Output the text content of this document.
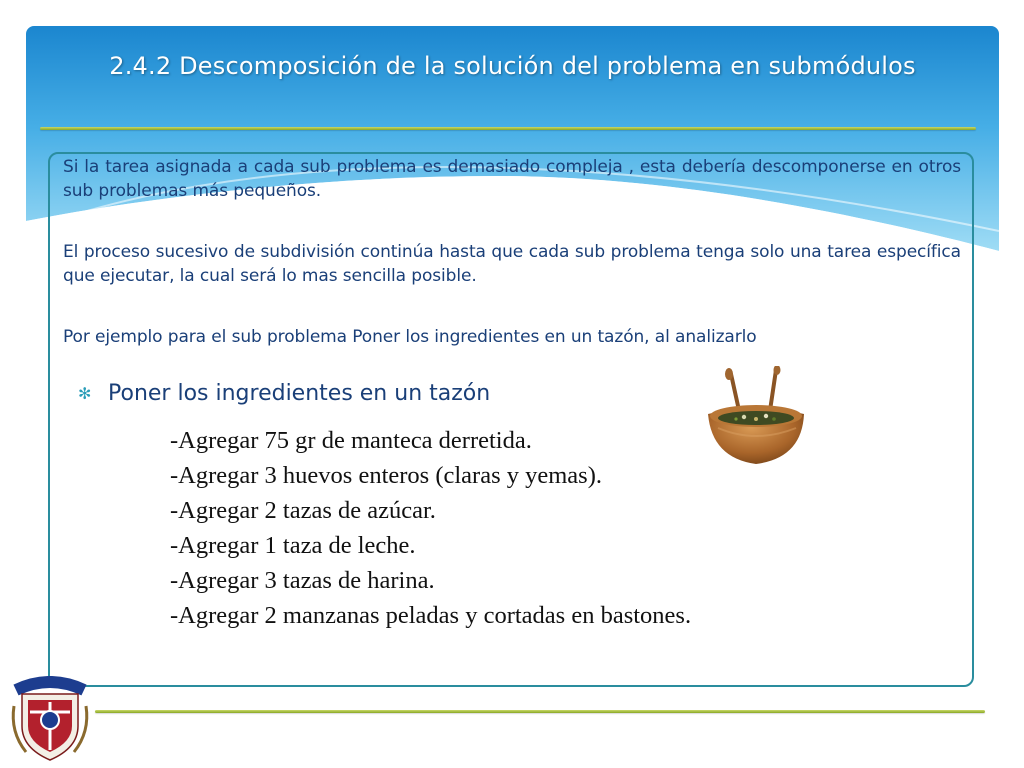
2.4.2 Descomposición de la solución del problema en submódulos

Si la tarea asignada a cada sub problema es demasiado compleja , esta debería descomponerse en otros sub problemas más pequeños.

El proceso sucesivo de subdivisión continúa hasta que cada sub problema tenga solo una tarea específica que ejecutar, la cual será lo mas sencilla posible.

Por ejemplo para el sub problema Poner los ingredientes en un tazón, al analizarlo

✻ Poner los ingredientes en un tazón
-Agregar 75 gr de manteca derretida.
-Agregar 3 huevos enteros (claras y yemas).
-Agregar 2 tazas de azúcar.
-Agregar 1 taza de leche.
-Agregar 3 tazas de harina.
-Agregar 2 manzanas peladas y cortadas en bastones.
